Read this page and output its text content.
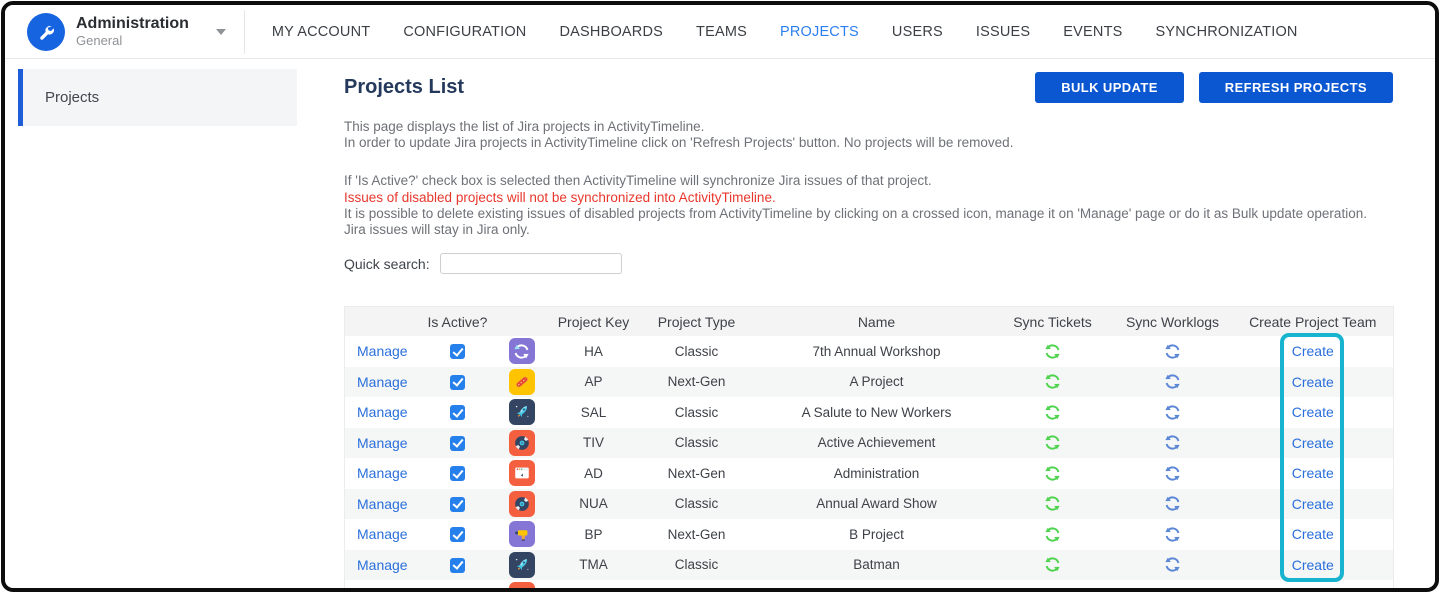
Administration
General
MY ACCOUNT CONFIGURATION DASHBOARDS TEAMS PROJECTS USERS ISSUES EVENTS SYNCHRONIZATION
Projects	Projects List	BULK UPDATE	REFRESH PROJECTS
This page displays the list of Jira projects in ActivityTimeline.
In order to update Jira projects in ActivityTimeline click on 'Refresh Projects' button. No projects will be removed.
If 'Is Active?' check box is selected then ActivityTimeline will synchronize Jira issues of that project.
Issues of disabled projects will not be synchronized into ActivityTimeline.
It is possible to delete existing issues of disabled projects from ActivityTimeline by clicking on a crossed icon, manage it on 'Manage' page or do it as Bulk update operation.
Jira issues will stay in Jira only.
Quick search:
	Is Active?		Project Key	Project Type	Name	Sync Tickets	Sync Worklogs	Create Project Team
Manage			HA	Classic	7th Annual Workshop			Create
Manage			AP	Next-Gen	A Project			Create
Manage			SAL	Classic	A Salute to New Workers			Create
Manage			TIV	Classic	Active Achievement			Create
Manage			AD	Next-Gen	Administration			Create
Manage			NUA	Classic	Annual Award Show			Create
Manage			BP	Next-Gen	B Project			Create
Manage			TMA	Classic	Batman			Create
